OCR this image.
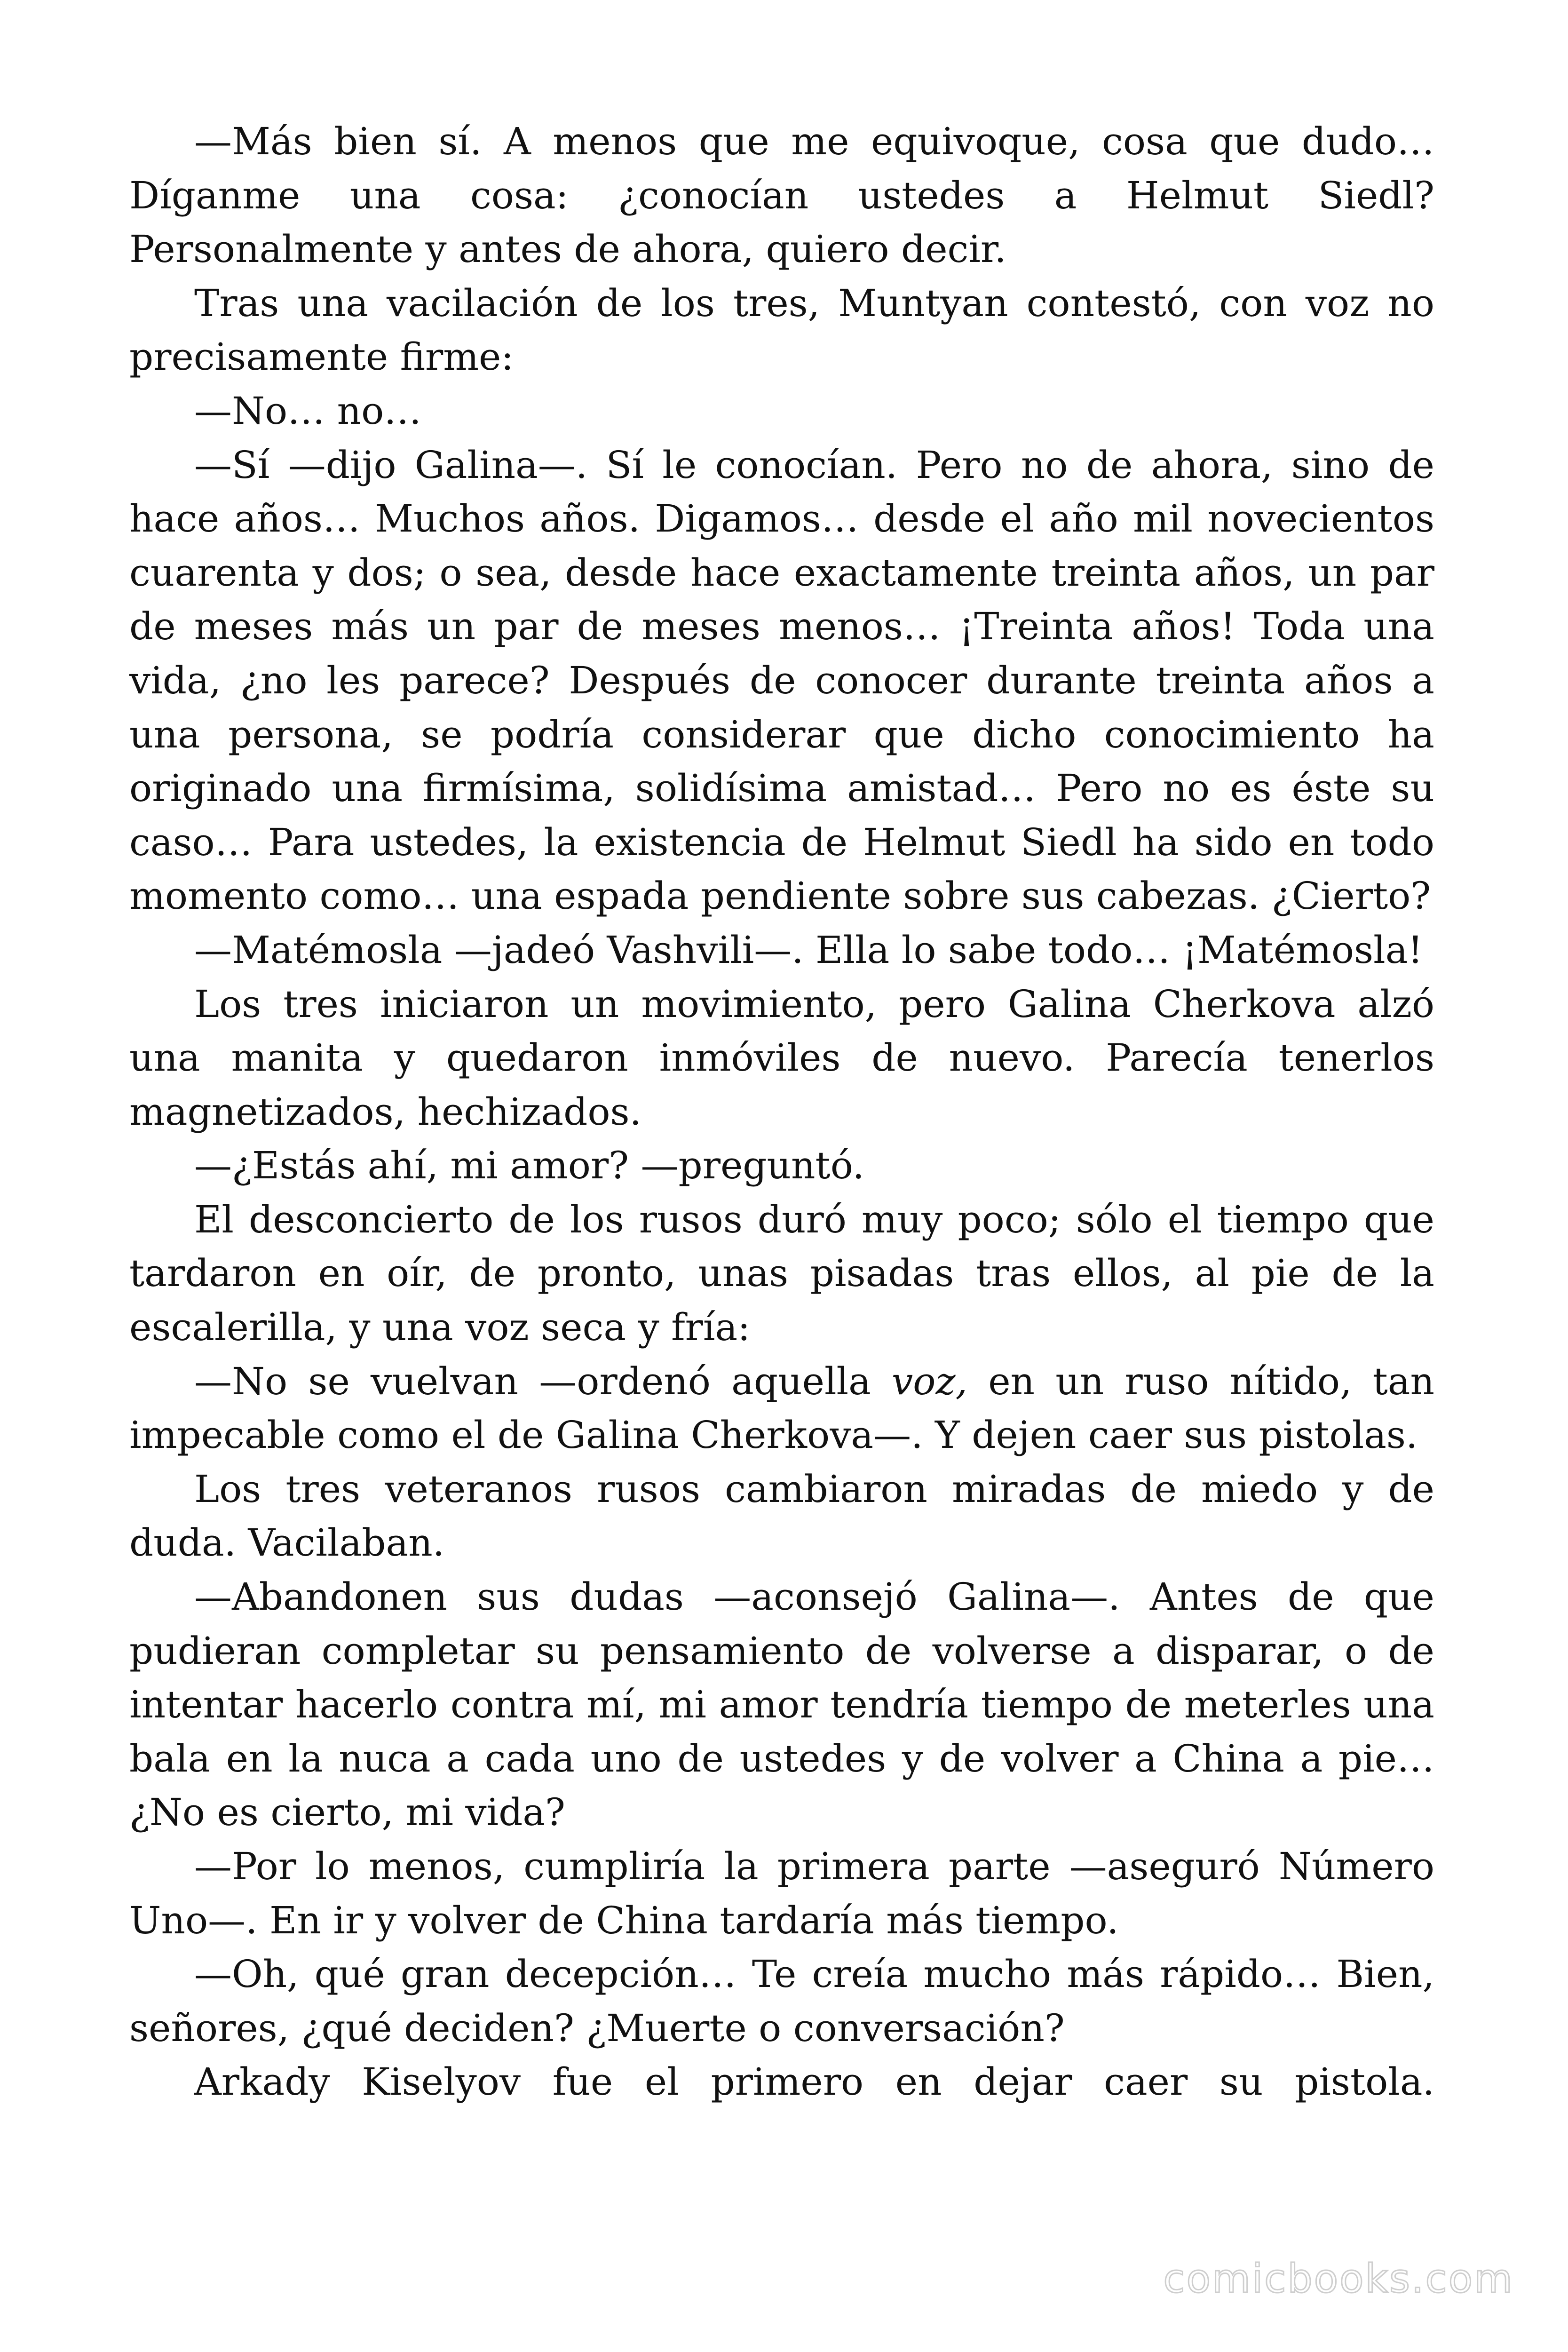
—Más bien sí. A menos que me equivoque, cosa que dudo… Díganme una cosa: ¿conocían ustedes a Helmut Siedl? Personalmente y antes de ahora, quiero decir.

Tras una vacilación de los tres, Muntyan contestó, con voz no precisamente firme:

—No… no…

—Sí —dijo Galina—. Sí le conocían. Pero no de ahora, sino de hace años… Muchos años. Digamos… desde el año mil novecientos cuarenta y dos; o sea, desde hace exactamente treinta años, un par de meses más un par de meses menos… ¡Treinta años! Toda una vida, ¿no les parece? Después de conocer durante treinta años a una persona, se podría considerar que dicho conocimiento ha originado una firmísima, solidísima amistad… Pero no es éste su caso… Para ustedes, la existencia de Helmut Siedl ha sido en todo momento como… una espada pendiente sobre sus cabezas. ¿Cierto?

—Matémosla —jadeó Vashvili—. Ella lo sabe todo… ¡Matémosla!

Los tres iniciaron un movimiento, pero Galina Cherkova alzó una manita y quedaron inmóviles de nuevo. Parecía tenerlos magnetizados, hechizados.

—¿Estás ahí, mi amor? —preguntó.

El desconcierto de los rusos duró muy poco; sólo el tiempo que tardaron en oír, de pronto, unas pisadas tras ellos, al pie de la escalerilla, y una voz seca y fría:

—No se vuelvan —ordenó aquella voz, en un ruso nítido, tan impecable como el de Galina Cherkova—. Y dejen caer sus pistolas.

Los tres veteranos rusos cambiaron miradas de miedo y de duda. Vacilaban.

—Abandonen sus dudas —aconsejó Galina—. Antes de que pudieran completar su pensamiento de volverse a disparar, o de intentar hacerlo contra mí, mi amor tendría tiempo de meterles una bala en la nuca a cada uno de ustedes y de volver a China a pie… ¿No es cierto, mi vida?

—Por lo menos, cumpliría la primera parte —aseguró Número Uno—. En ir y volver de China tardaría más tiempo.

—Oh, qué gran decepción… Te creía mucho más rápido… Bien, señores, ¿qué deciden? ¿Muerte o conversación?

Arkady Kiselyov fue el primero en dejar caer su pistola.

comicbooks.com
